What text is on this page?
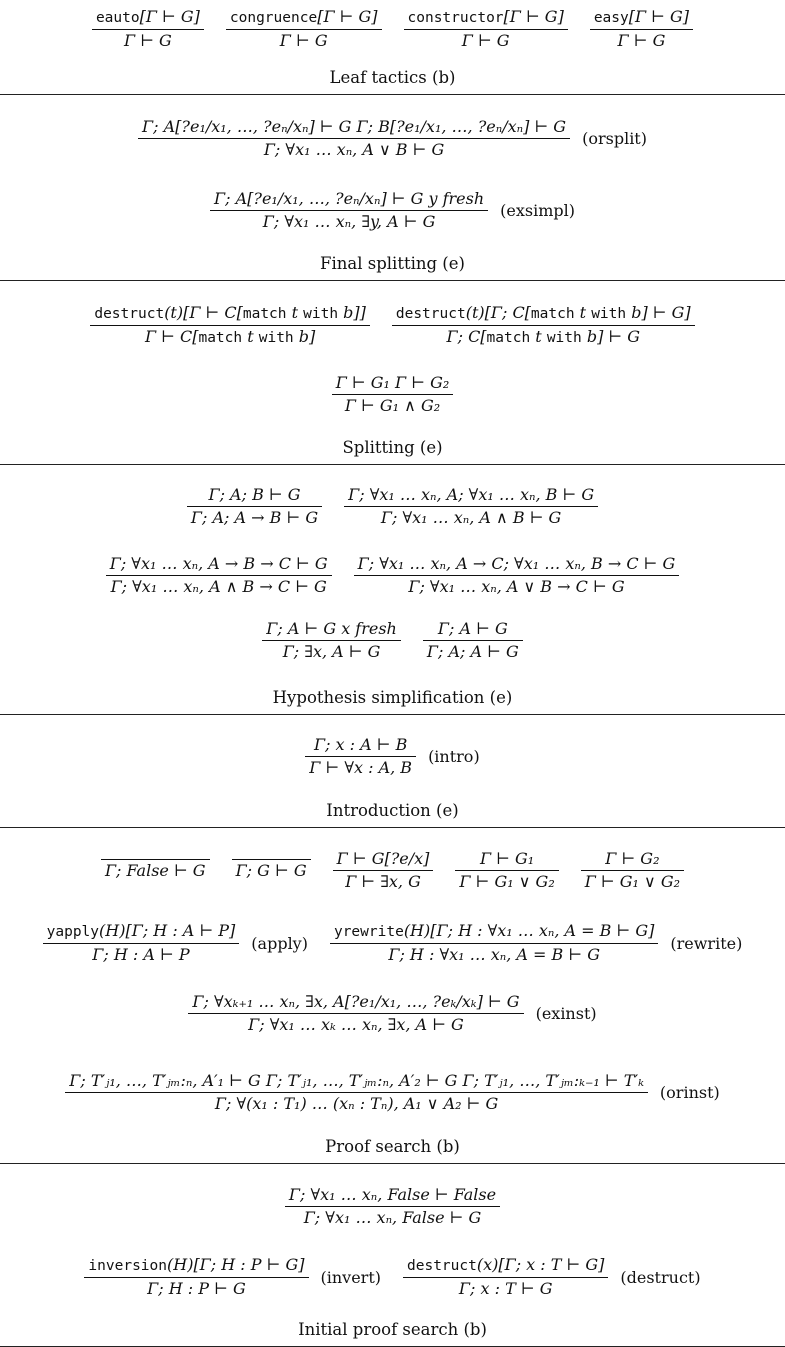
$\frac{\text{eauto[Γ ⊢ G]}}{\Gamma ⊢ G} \frac{\text{congruence[Γ ⊢ G]}}{\Gamma ⊢ G} \frac{\text{constructor[Γ ⊢ G]}}{\Gamma ⊢ G} \frac{\text{easy[Γ ⊢ G]}}{\Gamma ⊢ G}$
Leaf tactics (b)
$\frac{\text{Γ; A[?e₁/x₁, …, ?eₙ/xₙ] ⊢ G Γ; B[?e₁/x₁, …, ?eₙ/xₙ] ⊢ G}}{\text{Γ; ∀x₁ … xₙ, A ∨ B ⊢ G}}$ (orsplit)
$\frac{\text{Γ; A[?e₁/x₁, …, ?eₙ/xₙ] ⊢ G y fresh}}{\text{Γ; ∀x₁ … xₙ, ∃y, A ⊢ G}}$ (exsimpl)
Final splitting (e)
$\frac{\text{destruct(t)[Γ ⊢ C[match t with b]]}}{\text{Γ ⊢ C[match t with b]}} \frac{\text{destruct(t)[Γ; C[match t with b] ⊢ G]}}{\text{Γ; C[match t with b] ⊢ G}}$
$\frac{\text{Γ ⊢ G₁ Γ ⊢ G₂}}{\text{Γ ⊢ G₁ ∧ G₂}}$
Splitting (e)
$\frac{\Gamma; A; B ⊢ G}{\Gamma; A; A \to B ⊢ G} \frac{\text{Γ; ∀x₁ … xₙ, A; ∀x₁ … xₙ, B ⊢ G}}{\text{Γ; ∀x₁ … xₙ, A ∧ B ⊢ G}}$
$\frac{\text{Γ; ∀x₁ … xₙ, A → B → C ⊢ G}}{\text{Γ; ∀x₁ … xₙ, A ∧ B → C ⊢ G}} \frac{\text{Γ; ∀x₁ … xₙ, A → C; ∀x₁ … xₙ, B → C ⊢ G}}{\text{Γ; ∀x₁ … xₙ, A ∨ B → C ⊢ G}}$
$\frac{\text{Γ; A ⊢ G x fresh}}{\Gamma; \exists x, A ⊢ G} \frac{\Gamma; A ⊢ G}{\Gamma; A; A ⊢ G}$
Hypothesis simplification (e)
$\frac{\Gamma; x : A ⊢ B}{\Gamma ⊢ \forall x : A, B}$ (intro)
Introduction (e)
Γ; False ⊢ G Γ; G ⊢ G $\frac{\Gamma ⊢ G[?e/x]}{\Gamma ⊢ \exists x, G} \frac{\text{Γ ⊢ G₁}}{\text{Γ ⊢ G₁ ∨ G₂}} \frac{\text{Γ ⊢ G₂}}{\text{Γ ⊢ G₁ ∨ G₂}}$
$\frac{\text{yapply(H)[Γ; H : A ⊢ P]}}{\Gamma; H : A ⊢ P}$ (apply) $\frac{\text{yrewrite(H)[Γ; H : ∀x₁ … xₙ, A = B ⊢ G]}}{\text{Γ; H : ∀x₁ … xₙ, A = B ⊢ G}}$ (rewrite)
$\frac{\text{Γ; ∀xₖ₊₁ … xₙ, ∃x, A[?e₁/x₁, …, ?eₖ/xₖ] ⊢ G}}{\text{Γ; ∀x₁ … xₖ … xₙ, ∃x, A ⊢ G}}$ (exinst)
Γ; T′ⱼ₁, …, T′ⱼₘ:ₙ, A′₁ ⊢ G Γ; T′ⱼ₁, …, T′ⱼₘ:ₙ, A′₂ ⊢ G Γ; T′ⱼ₁, …, T′ⱼₘ:ₖ₋₁ ⊢ T′ₖ
Γ; ∀(x₁ : T₁) … (xₙ : Tₙ), A₁ ∨ A₂ ⊢ G
(orinst)
Proof search (b)
$\frac{\text{Γ; ∀x₁ … xₙ, False ⊢ False}}{\text{Γ; ∀x₁ … xₙ, False ⊢ G}}$
$\frac{\text{inversion(H)[Γ; H : P ⊢ G]}}{\Gamma; H : P ⊢ G}$ (invert) $\frac{\text{destruct(x)[Γ; x : T ⊢ G]}}{\Gamma; x : T ⊢ G}$ (destruct)
Initial proof search (b)
